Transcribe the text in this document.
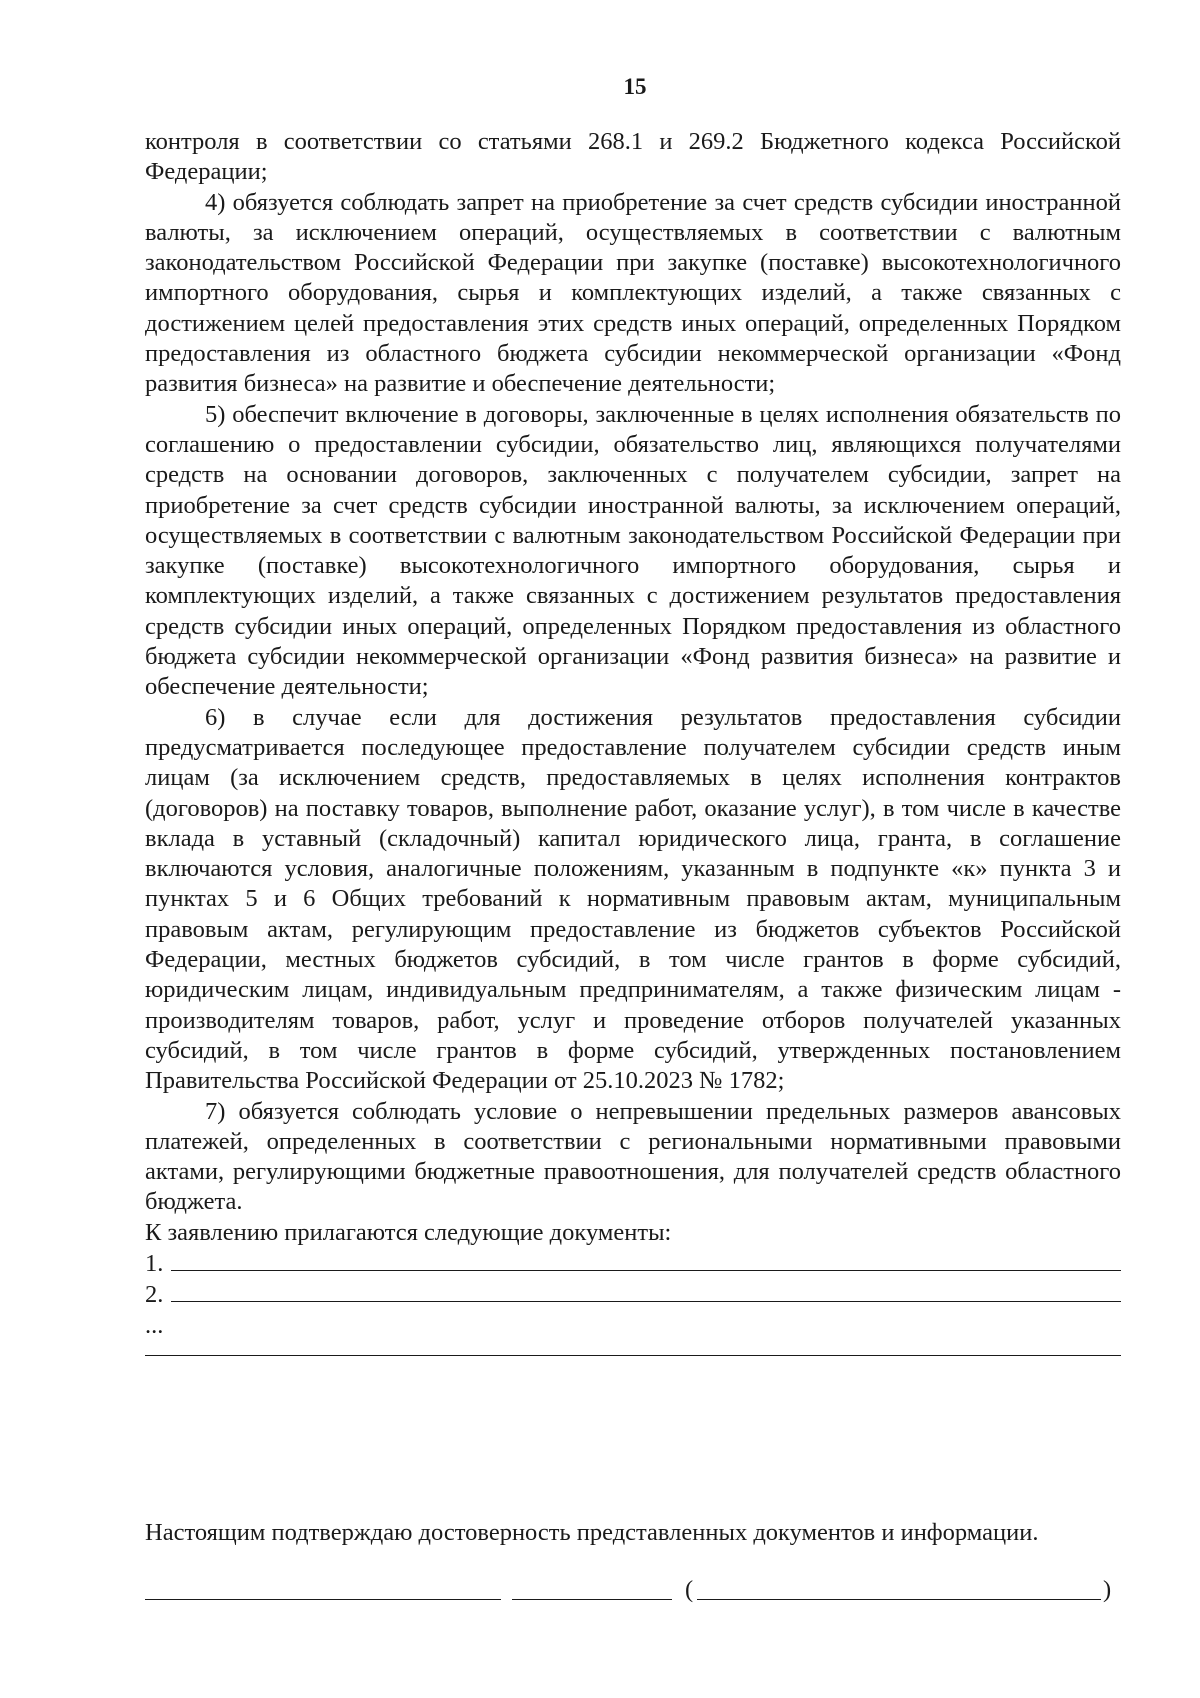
15

контроля в соответствии со статьями 268.1 и 269.2 Бюджетного кодекса Российской Федерации;

4) обязуется соблюдать запрет на приобретение за счет средств субсидии иностранной валюты, за исключением операций, осуществляемых в соответствии с валютным законодательством Российской Федерации при закупке (поставке) высокотехнологичного импортного оборудования, сырья и комплектующих изделий, а также связанных с достижением целей предоставления этих средств иных операций, определенных Порядком предоставления из областного бюджета субсидии некоммерческой организации «Фонд развития бизнеса» на развитие и обеспечение деятельности;

5) обеспечит включение в договоры, заключенные в целях исполнения обязательств по соглашению о предоставлении субсидии, обязательство лиц, являющихся получателями средств на основании договоров, заключенных с получателем субсидии, запрет на приобретение за счет средств субсидии иностранной валюты, за исключением операций, осуществляемых в соответствии с валютным законодательством Российской Федерации при закупке (поставке) высокотехнологичного импортного оборудования, сырья и комплектующих изделий, а также связанных с достижением результатов предоставления средств субсидии иных операций, определенных Порядком предоставления из областного бюджета субсидии некоммерческой организации «Фонд развития бизнеса» на развитие и обеспечение деятельности;

6) в случае если для достижения результатов предоставления субсидии предусматривается последующее предоставление получателем субсидии средств иным лицам (за исключением средств, предоставляемых в целях исполнения контрактов (договоров) на поставку товаров, выполнение работ, оказание услуг), в том числе в качестве вклада в уставный (складочный) капитал юридического лица, гранта, в соглашение включаются условия, аналогичные положениям, указанным в подпункте «к» пункта 3 и пунктах 5 и 6 Общих требований к нормативным правовым актам, муниципальным правовым актам, регулирующим предоставление из бюджетов субъектов Российской Федерации, местных бюджетов субсидий, в том числе грантов в форме субсидий, юридическим лицам, индивидуальным предпринимателям, а также физическим лицам - производителям товаров, работ, услуг и проведение отборов получателей указанных субсидий, в том числе грантов в форме субсидий, утвержденных постановлением Правительства Российской Федерации от 25.10.2023 № 1782;

7) обязуется соблюдать условие о непревышении предельных размеров авансовых платежей, определенных в соответствии с региональными нормативными правовыми актами, регулирующими бюджетные правоотношения, для получателей средств областного бюджета.

К заявлению прилагаются следующие документы:

1.
2.
...
Настоящим подтверждаю достоверность представленных документов и информации.
(	)
